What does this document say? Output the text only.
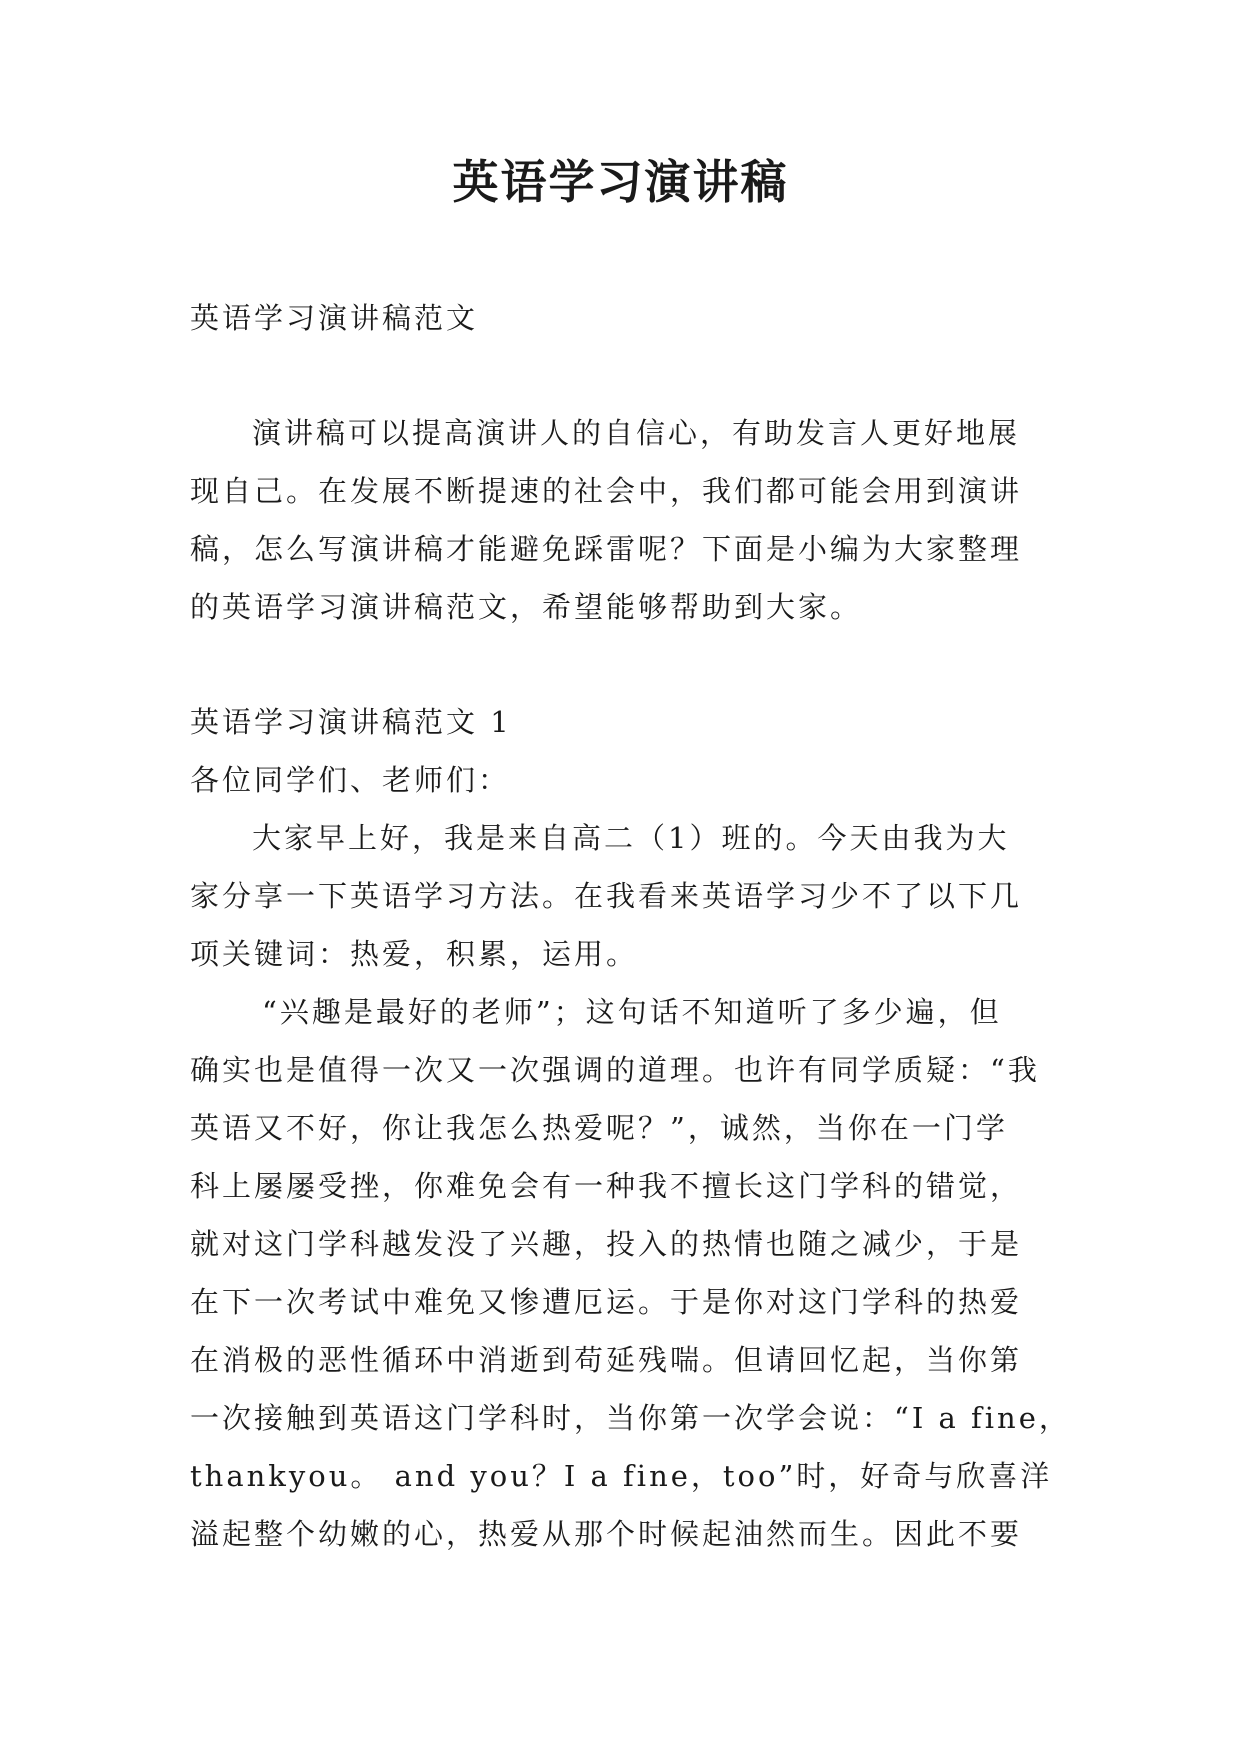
英语学习演讲稿
英语学习演讲稿范文
演讲稿可以提高演讲人的自信心，有助发言人更好地展
现自己。在发展不断提速的社会中，我们都可能会用到演讲
稿，怎么写演讲稿才能避免踩雷呢？下面是小编为大家整理
的英语学习演讲稿范文，希望能够帮助到大家。
英语学习演讲稿范文 1
各位同学们、老师们：
大家早上好，我是来自高二（1）班的。今天由我为大
家分享一下英语学习方法。在我看来英语学习少不了以下几
项关键词：热爱，积累，运用。
“兴趣是最好的老师”；这句话不知道听了多少遍，但
确实也是值得一次又一次强调的道理。也许有同学质疑：“我
英语又不好，你让我怎么热爱呢？”，诚然，当你在一门学
科上屡屡受挫，你难免会有一种我不擅长这门学科的错觉，
就对这门学科越发没了兴趣，投入的热情也随之减少，于是
在下一次考试中难免又惨遭厄运。于是你对这门学科的热爱
在消极的恶性循环中消逝到苟延残喘。但请回忆起，当你第
一次接触到英语这门学科时，当你第一次学会说：“I a fine，
thankyou。 and you？I a fine，too”时，好奇与欣喜洋
溢起整个幼嫩的心，热爱从那个时候起油然而生。因此不要
